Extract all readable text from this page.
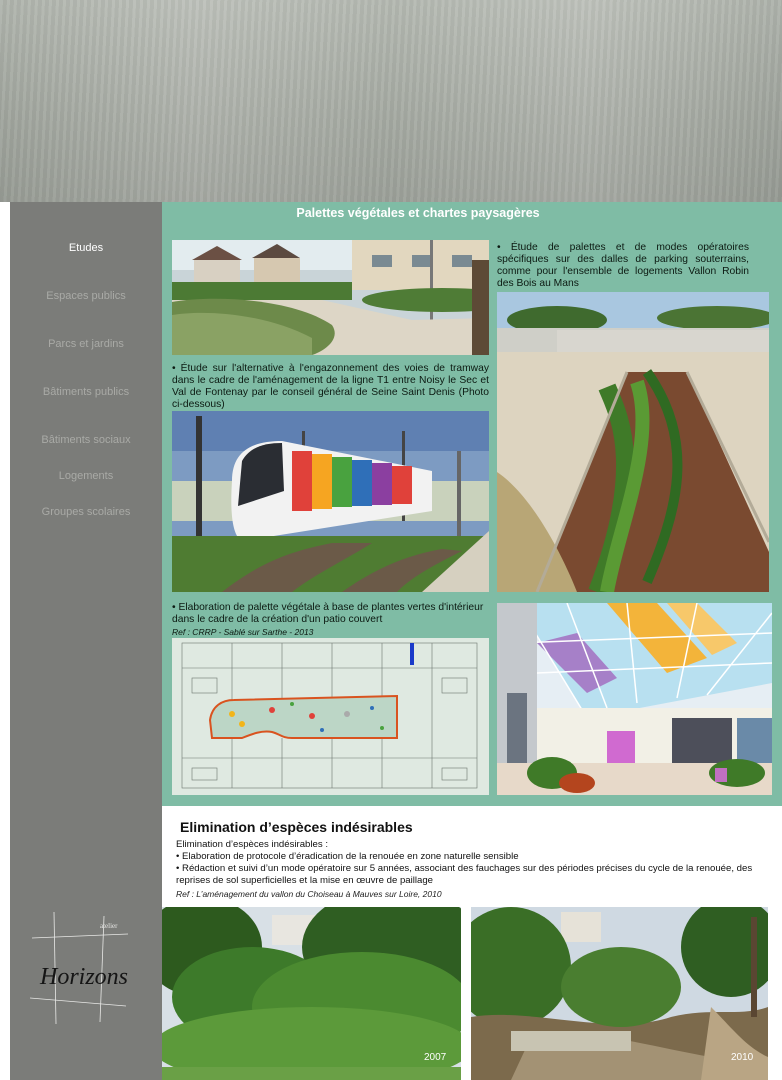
Etudes
Espaces publics
Parcs et jardins
Bâtiments publics
Bâtiments sociaux
Logements
Groupes scolaires
atelier
Horizons
Palettes végétales et chartes paysagères
• Étude de palettes et de modes opératoires spécifiques sur des dalles de parking souterrains, comme pour l'ensemble de logements Vallon Robin des Bois au Mans
• Étude sur l'alternative à l'engazonnement des voies de tramway dans le cadre de l'aménagement de la ligne T1 entre Noisy le Sec et Val de Fontenay par le conseil général de Seine Saint Denis (Photo ci-dessous)
• Elaboration de palette végétale à base de plantes vertes d'intérieur dans le cadre de la création d'un patio couvert
Ref : CRRP - Sablé sur Sarthe - 2013
Elimination d’espèces indésirables
Elimination d’espèces indésirables :
• Elaboration de protocole d’éradication de la renouée en zone naturelle sensible
• Rédaction et suivi d’un mode opératoire sur 5 années, associant des fauchages sur des périodes précises du cycle de la renouée, des reprises de sol superficielles et la mise en œuvre de paillage
Ref : L’aménagement du vallon du Choiseau à Mauves sur Loire, 2010
2007	2010
